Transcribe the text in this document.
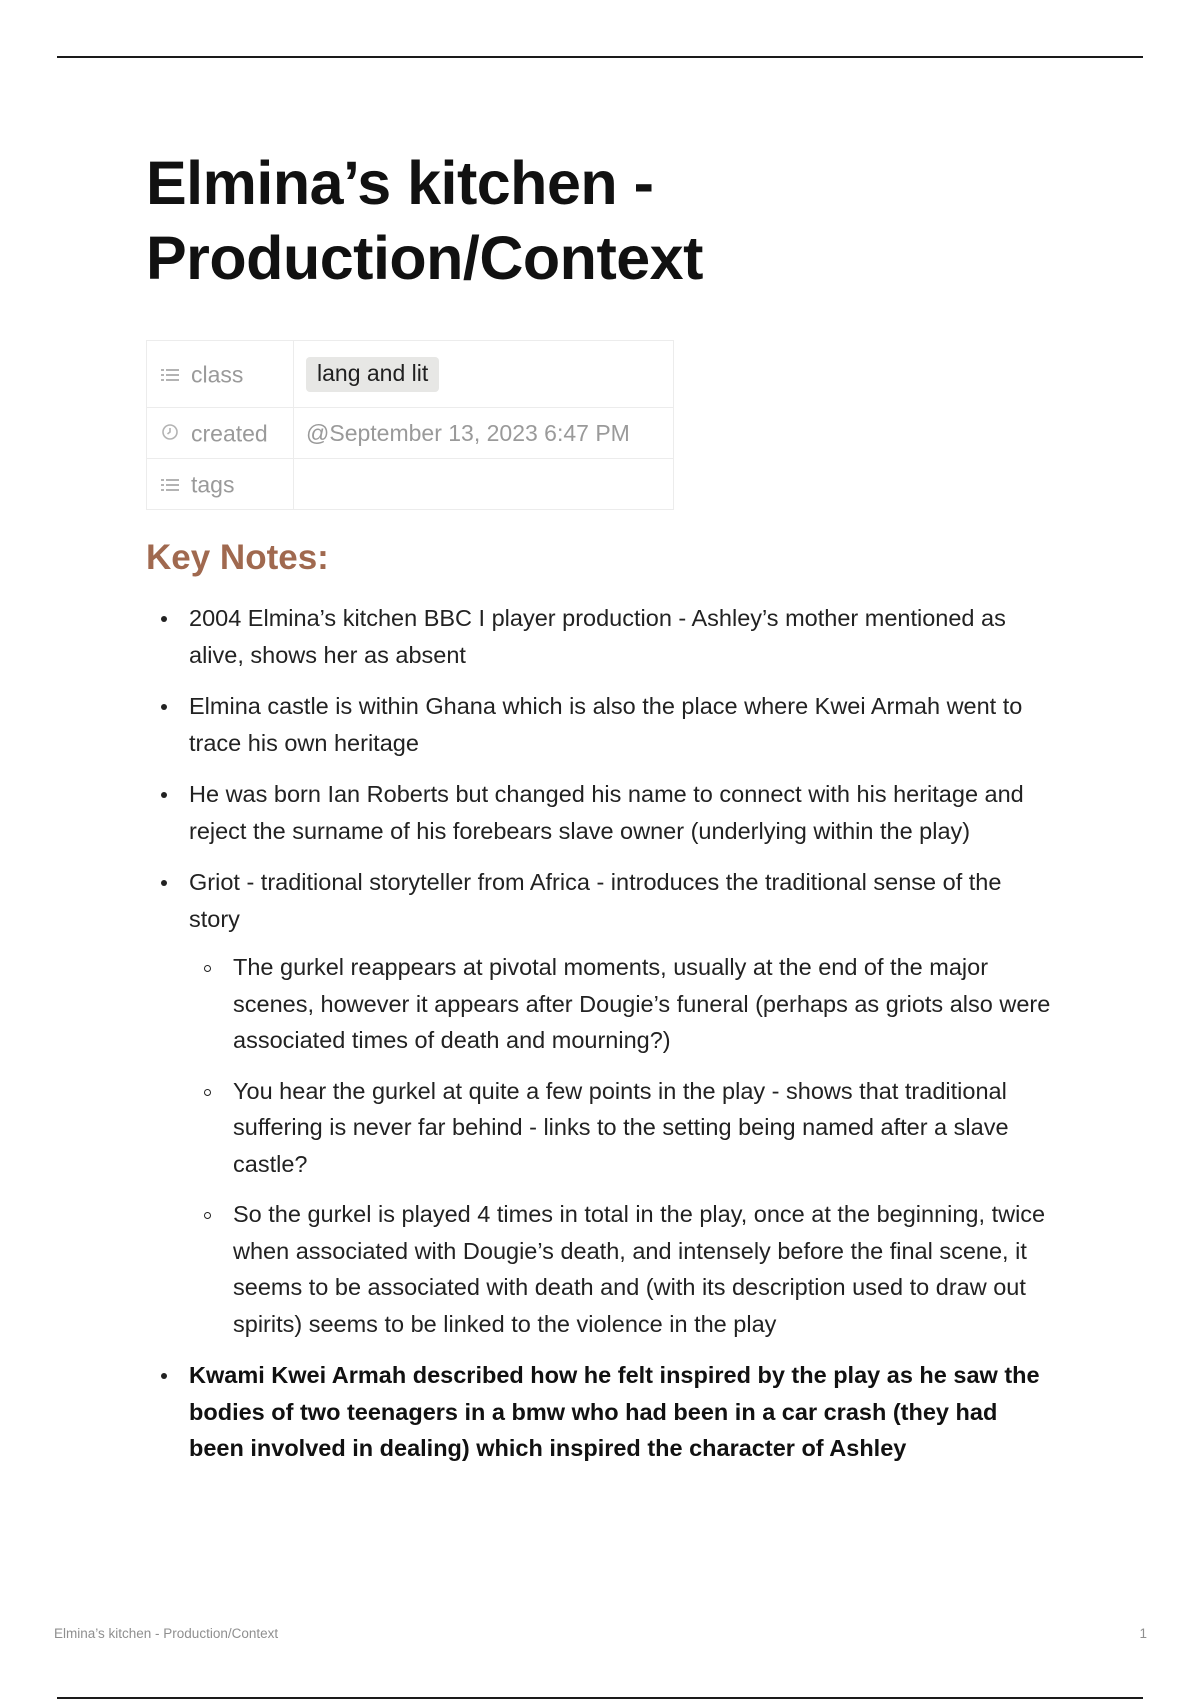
Elmina’s kitchen - Production/Context
class	lang and lit
created	@September 13, 2023 6:47 PM
tags	
Key Notes:
2004 Elmina’s kitchen BBC I player production - Ashley’s mother mentioned as alive, shows her as absent
Elmina castle is within Ghana which is also the place where Kwei Armah went to trace his own heritage
He was born Ian Roberts but changed his name to connect with his heritage and reject the surname of his forebears slave owner (underlying within the play)
Griot - traditional storyteller from Africa - introduces the traditional sense of the story
The gurkel reappears at pivotal moments, usually at the end of the major scenes, however it appears after Dougie’s funeral (perhaps as griots also were associated times of death and mourning?)
You hear the gurkel at quite a few points in the play - shows that traditional suffering is never far behind - links to the setting being named after a slave castle?
So the gurkel is played 4 times in total in the play, once at the beginning, twice when associated with Dougie’s death, and intensely before the final scene, it seems to be associated with death and (with its description used to draw out spirits) seems to be linked to the violence in the play
Kwami Kwei Armah described how he felt inspired by the play as he saw the bodies of two teenagers in a bmw who had been in a car crash (they had been involved in dealing) which inspired the character of Ashley
Elmina’s kitchen - Production/Context	1
